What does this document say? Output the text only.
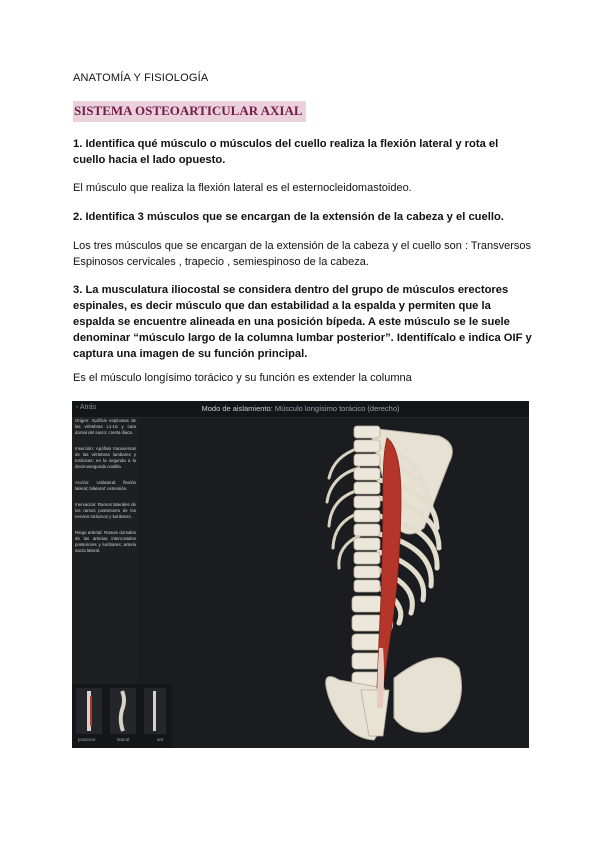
ANATOMÍA Y FISIOLOGÍA
SISTEMA OSTEOARTICULAR AXIAL
1. Identifica qué músculo o músculos del cuello realiza la flexión lateral y rota el cuello hacia el lado opuesto.
El músculo que realiza la flexión lateral es el esternocleidomastoideo.
2. Identifica 3 músculos que se encargan de la extensión de la cabeza y el cuello.
Los tres músculos que se encargan de la extensión de la cabeza y el cuello son : Transversos Espinosos cervicales , trapecio , semiespinoso de la cabeza.
3. La musculatura iliocostal se considera dentro del grupo de músculos erectores espinales, es decir músculo que dan estabilidad a la espalda y permiten que la espalda se encuentre alineada en una posición bípeda. A este músculo se le suele denominar “músculo largo de la columna lumbar posterior”. Identifícalo e indica OIF y captura una imagen de su función principal.
Es el músculo longísimo torácico y su función es extender la columna
‹ Atrás	Modo de aislamiento: Músculo longísimo torácico (derecho)

Origen: Apófisis espinosas de las vértebras L1-L5 y cara dorsal del sacro; cresta ilíaca.

Inserción: Apófisis transversas de las vértebras lumbares y torácicas; en la segunda a la decimosegunda costilla.

Acción: Unilateral: flexión lateral; bilateral: extensión.

Inervación: Ramos laterales de los ramos posteriores de los nervios torácicos y lumbares.

Riego arterial: Ramas dorsales de las arterias intercostales posteriores y lumbares; arteria sacra lateral.

posterior	lateral	ant
